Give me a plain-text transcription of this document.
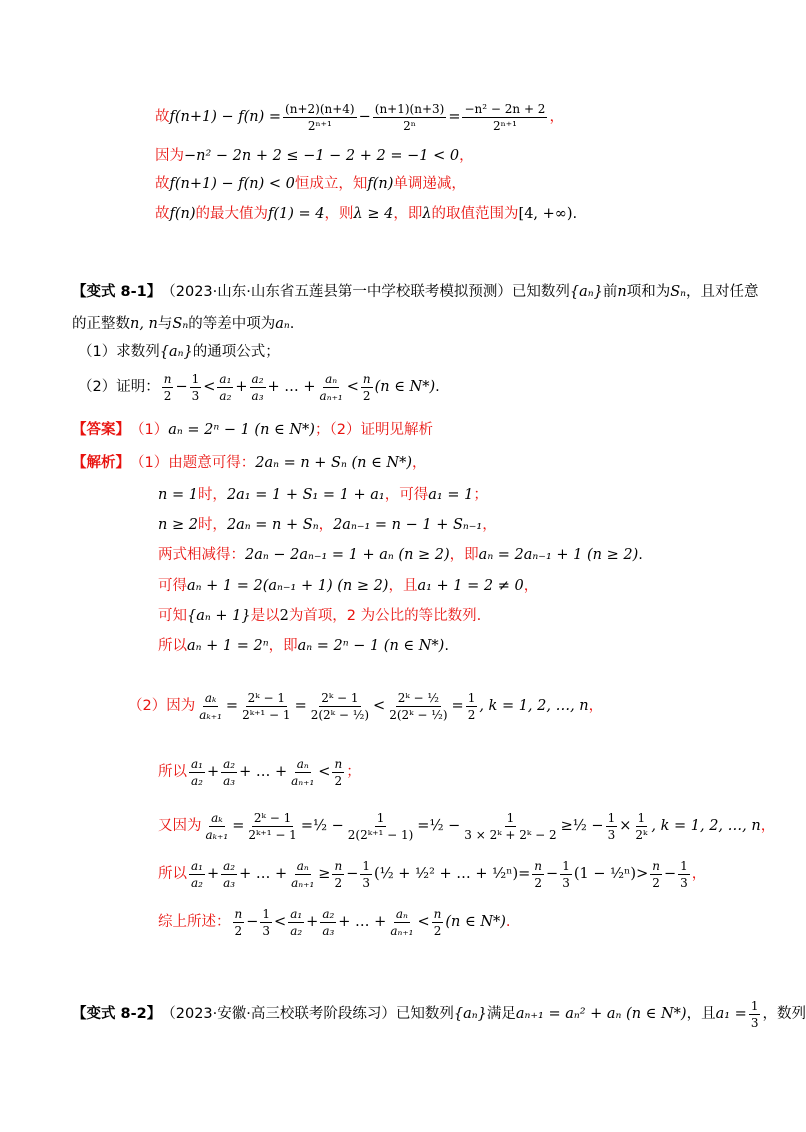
故 $f(n+1) - f(n) = \frac{(n+2)(n+4)}{\text{2ⁿ⁺¹}} - \frac{(n+1)(n+3)}{\text{2ⁿ}} = \frac{\text{−n² − 2n + 2}}{\text{2ⁿ⁺¹}}$ ，
因为 −n² − 2n + 2 ≤ −1 − 2 + 2 = −1 < 0 ，
故 f(n+1) − f(n) < 0 恒成立，知 f(n) 单调递减，
故 f(n) 的最大值为 f(1) = 4 ，则 λ ≥ 4 ，即 λ 的取值范围为 [4, +∞) .
【变式 8-1】 （2023·山东·山东省五莲县第一中学校联考模拟预测）已知数列 {aₙ} 前 n 项和为 Sₙ ，且对任意
的正整数 n, n 与 Sₙ 的等差中项为 aₙ .
（1）求数列 {aₙ} 的通项公式；
（2）证明： $\frac{n}{2} - \frac{1}{3} < \frac{\text{a₁}}{\text{a₂}} + \frac{\text{a₂}}{\text{a₃}}$ + … + $\frac{\text{aₙ}}{\text{aₙ₊₁}} < \frac{n}{2} (n$ ∈ N*) .
【答案】 （1） aₙ = 2ⁿ − 1 (n ∈ N*) ；（2）证明见解析
【解析】 （1）由题意可得： 2aₙ = n + Sₙ (n ∈ N*) ，
n = 1 时， 2a₁ = 1 + S₁ = 1 + a₁ ，可得 a₁ = 1 ；
n ≥ 2 时， 2aₙ = n + Sₙ ， 2aₙ₋₁ = n − 1 + Sₙ₋₁ ，
两式相减得： 2aₙ − 2aₙ₋₁ = 1 + aₙ (n ≥ 2) ，即 aₙ = 2aₙ₋₁ + 1 (n ≥ 2) .
可得 aₙ + 1 = 2(aₙ₋₁ + 1) (n ≥ 2) ，且 a₁ + 1 = 2 ≠ 0 ，
可知 {aₙ + 1} 是以 2 为首项，2 为公比的等比数列.
所以 aₙ + 1 = 2ⁿ ，即 aₙ = 2ⁿ − 1 (n ∈ N*) .
（2）因为 $\frac{\text{aₖ}}{\text{aₖ₊₁}} = \frac{\text{2ᵏ − 1}}{\text{2ᵏ⁺¹ − 1}} = \frac{\text{2ᵏ − 1}}{\text{2(2ᵏ − ½)}} < \frac{\text{2ᵏ − ½}}{\text{2(2ᵏ − ½)}} = \frac{1}{2}$ , k = 1, 2, …, n ，
所以 $\frac{\text{a₁}}{\text{a₂}} + \frac{\text{a₂}}{\text{a₃}}$ + … + $\frac{\text{aₙ}}{\text{aₙ₊₁}} < \frac{n}{2}$ ；
又因为 $\frac{\text{aₖ}}{\text{aₖ₊₁}} = \frac{\text{2ᵏ − 1}}{\text{2ᵏ⁺¹ − 1}}$ = ½ − $\frac{1}{\text{2(2ᵏ⁺¹ − 1)}}$ = ½ − $\frac{1}{\text{3 × 2ᵏ + 2ᵏ − 2}}$ ≥ ½ − $\frac{1}{3} \times \frac{1}{\text{2ᵏ}}$ , k = 1, 2, …, n ，
所以 $\frac{\text{a₁}}{\text{a₂}} + \frac{\text{a₂}}{\text{a₃}}$ + … + $\frac{\text{aₙ}}{\text{aₙ₊₁}} \ge \frac{n}{2} - \frac{1}{3}$ (½ + ¹⁄₂² + … + ¹⁄₂ⁿ) = $\frac{n}{2} - \frac{1}{3} (1$ − ¹⁄₂ⁿ) > $\frac{n}{2} - \frac{1}{3}$ ，
综上所述： $\frac{n}{2} - \frac{1}{3} < \frac{\text{a₁}}{\text{a₂}} + \frac{\text{a₂}}{\text{a₃}}$ + … + $\frac{\text{aₙ}}{\text{aₙ₊₁}} < \frac{n}{2} (n$ ∈ N*) .
【变式 8-2】 （2023·安徽·高三校联考阶段练习）已知数列 {aₙ} 满足 aₙ₊₁ = aₙ² + aₙ (n ∈ N*) ，且 $a_1 = \frac{1}{3}$ ，数列
